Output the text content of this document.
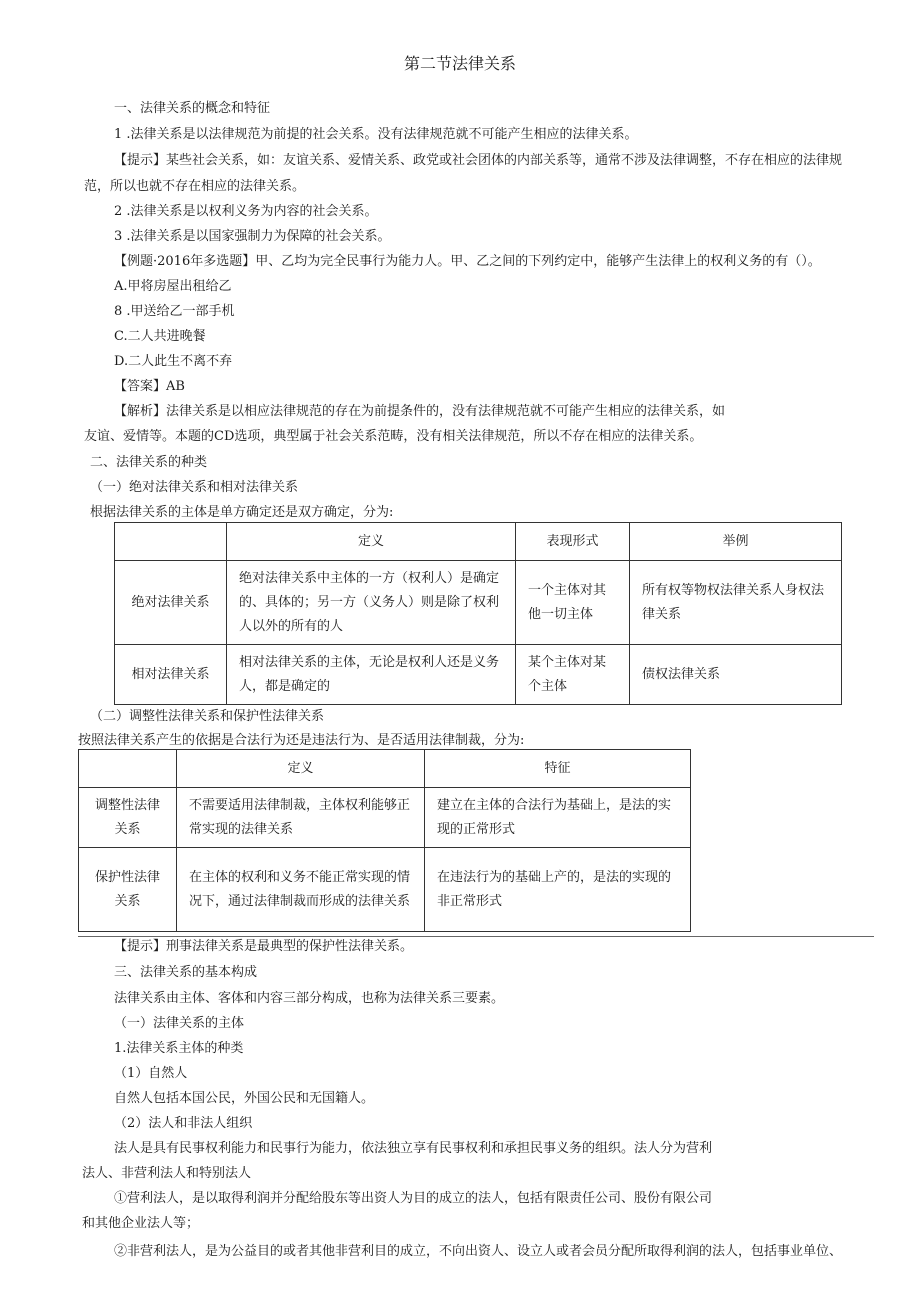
第二节法律关系
一、法律关系的概念和特征
1 .法律关系是以法律规范为前提的社会关系。没有法律规范就不可能产生相应的法律关系。
【提示】某些社会关系，如：友谊关系、爱情关系、政党或社会团体的内部关系等，通常不涉及法律调整，不存在相应的法律规
范，所以也就不存在相应的法律关系。
2 .法律关系是以权利义务为内容的社会关系。
3 .法律关系是以国家强制力为保障的社会关系。
【例题·2016年多选题】甲、乙均为完全民事行为能力人。甲、乙之间的下列约定中，能够产生法律上的权利义务的有（）。
A.甲将房屋出租给乙
8 .甲送给乙一部手机
C.二人共进晚餐
D.二人此生不离不弃
【答案】AB
【解析】法律关系是以相应法律规范的存在为前提条件的，没有法律规范就不可能产生相应的法律关系，如
友谊、爱情等。本题的CD选项，典型属于社会关系范畴，没有相关法律规范，所以不存在相应的法律关系。
二、法律关系的种类
（一）绝对法律关系和相对法律关系
根据法律关系的主体是单方确定还是双方确定，分为:
	定义	表现形式	举例
绝对法律关系	绝对法律关系中主体的一方（权利人）是确定的、具体的；另一方（义务人）则是除了权利人以外的所有的人	一个主体对其他一切主体	所有权等物权法律关系人身权法律关系
相对法律关系	相对法律关系的主体，无论是权利人还是义务人，都是确定的	某个主体对某个主体	债权法律关系
（二）调整性法律关系和保护性法律关系
按照法律关系产生的依据是合法行为还是违法行为、是否适用法律制裁，分为:
	定义	特征
调整性法律关系	不需要适用法律制裁，主体权利能够正常实现的法律关系	建立在主体的合法行为基础上，是法的实现的正常形式
保护性法律关系	在主体的权利和义务不能正常实现的情况下，通过法律制裁而形成的法律关系	在违法行为的基础上产的，是法的实现的非正常形式
【提示】刑事法律关系是最典型的保护性法律关系。
三、法律关系的基本构成
法律关系由主体、客体和内容三部分构成，也称为法律关系三要素。
（一）法律关系的主体
1.法律关系主体的种类
（1）自然人
自然人包括本国公民，外国公民和无国籍人。
（2）法人和非法人组织
法人是具有民事权利能力和民事行为能力，依法独立享有民事权利和承担民事义务的组织。法人分为营利
法人、非营利法人和特别法人
①营利法人，是以取得利润并分配给股东等出资人为目的成立的法人，包括有限责任公司、股份有限公司
和其他企业法人等；
②非营利法人，是为公益目的或者其他非营利目的成立，不向出资人、设立人或者会员分配所取得利润的法人，包括事业单位、
